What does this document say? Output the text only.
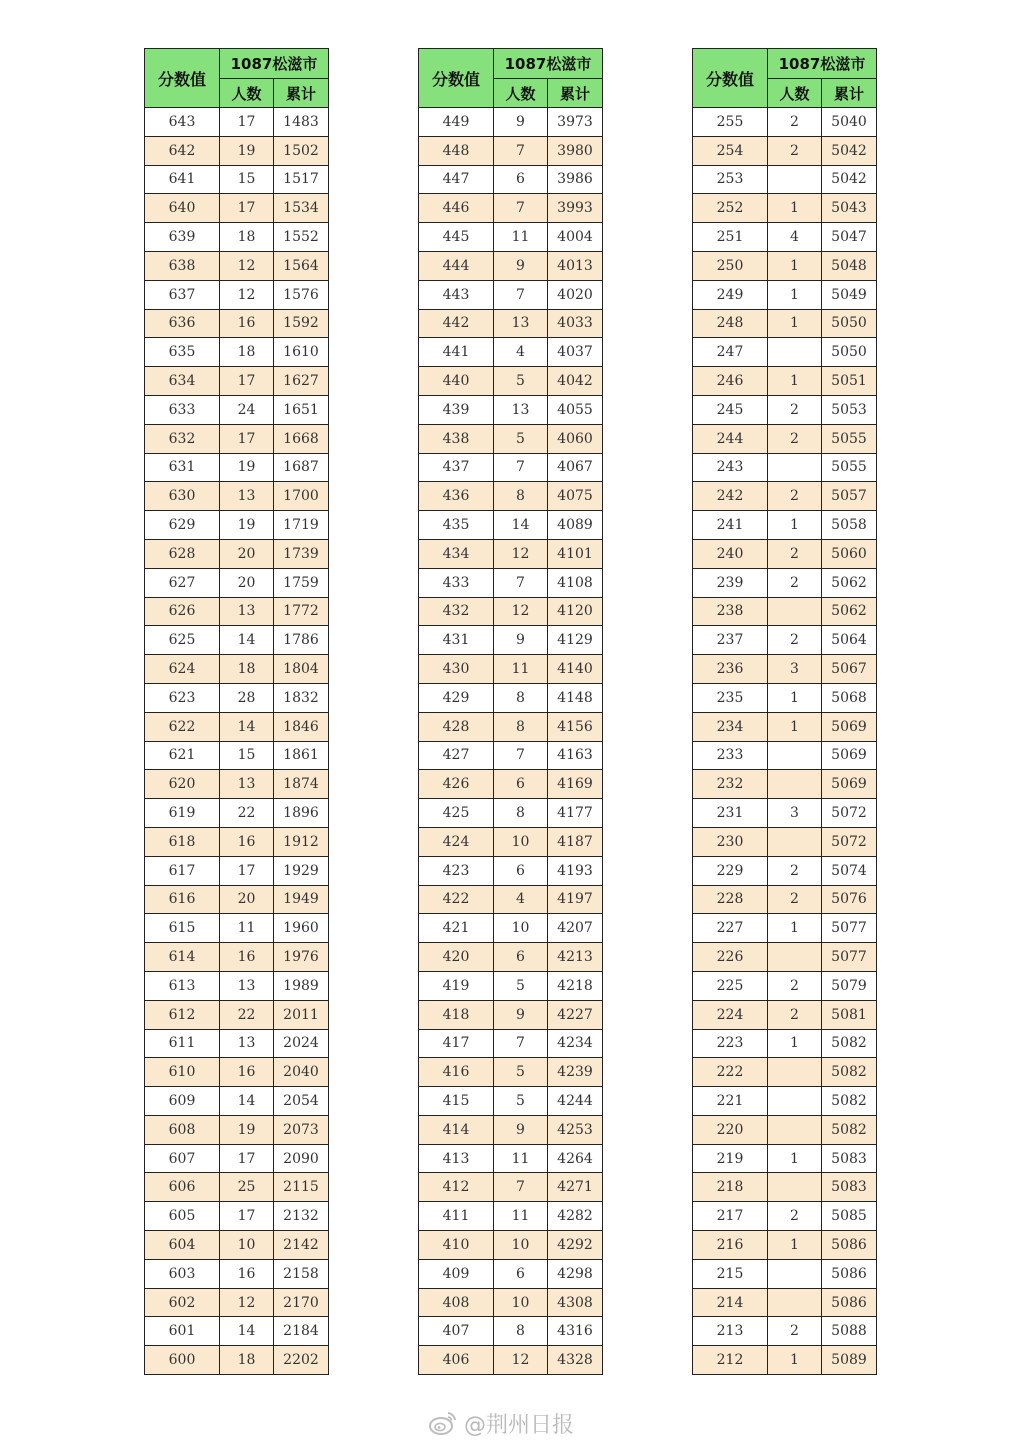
分数值	1087松滋市	
	人数	累计
643	17	1483
642	19	1502
641	15	1517
640	17	1534
639	18	1552
638	12	1564
637	12	1576
636	16	1592
635	18	1610
634	17	1627
633	24	1651
632	17	1668
631	19	1687
630	13	1700
629	19	1719
628	20	1739
627	20	1759
626	13	1772
625	14	1786
624	18	1804
623	28	1832
622	14	1846
621	15	1861
620	13	1874
619	22	1896
618	16	1912
617	17	1929
616	20	1949
615	11	1960
614	16	1976
613	13	1989
612	22	2011
611	13	2024
610	16	2040
609	14	2054
608	19	2073
607	17	2090
606	25	2115
605	17	2132
604	10	2142
603	16	2158
602	12	2170
601	14	2184
600	18	2202
分数值	1087松滋市	
	人数	累计
449	9	3973
448	7	3980
447	6	3986
446	7	3993
445	11	4004
444	9	4013
443	7	4020
442	13	4033
441	4	4037
440	5	4042
439	13	4055
438	5	4060
437	7	4067
436	8	4075
435	14	4089
434	12	4101
433	7	4108
432	12	4120
431	9	4129
430	11	4140
429	8	4148
428	8	4156
427	7	4163
426	6	4169
425	8	4177
424	10	4187
423	6	4193
422	4	4197
421	10	4207
420	6	4213
419	5	4218
418	9	4227
417	7	4234
416	5	4239
415	5	4244
414	9	4253
413	11	4264
412	7	4271
411	11	4282
410	10	4292
409	6	4298
408	10	4308
407	8	4316
406	12	4328
分数值	1087松滋市	
	人数	累计
255	2	5040
254	2	5042
253		5042
252	1	5043
251	4	5047
250	1	5048
249	1	5049
248	1	5050
247		5050
246	1	5051
245	2	5053
244	2	5055
243		5055
242	2	5057
241	1	5058
240	2	5060
239	2	5062
238		5062
237	2	5064
236	3	5067
235	1	5068
234	1	5069
233		5069
232		5069
231	3	5072
230		5072
229	2	5074
228	2	5076
227	1	5077
226		5077
225	2	5079
224	2	5081
223	1	5082
222		5082
221		5082
220		5082
219	1	5083
218		5083
217	2	5085
216	1	5086
215		5086
214		5086
213	2	5088
212	1	5089
@荆州日报
